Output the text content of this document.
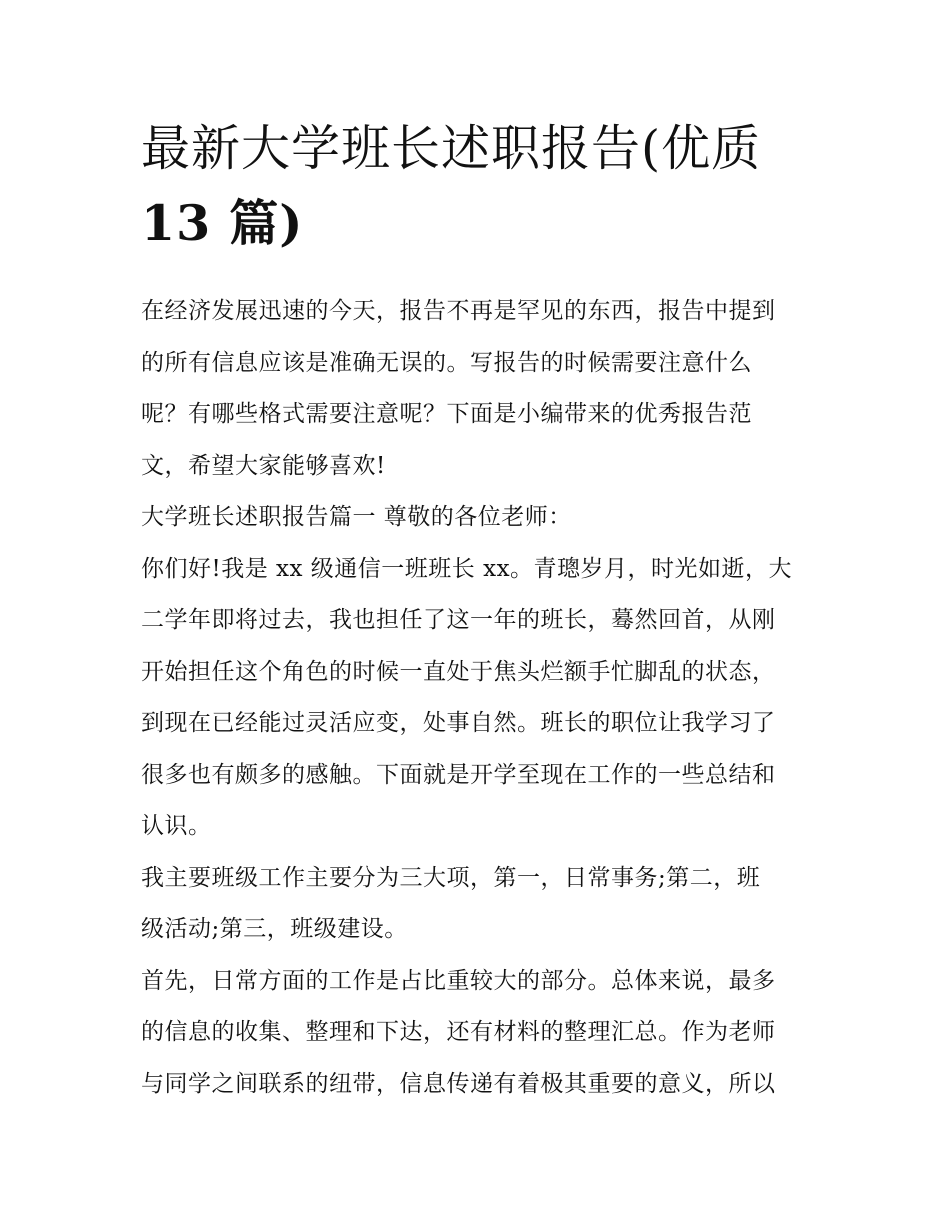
最新大学班长述职报告(优质
13 篇)

在经济发展迅速的今天，报告不再是罕见的东西，报告中提到
的所有信息应该是准确无误的。写报告的时候需要注意什么
呢？有哪些格式需要注意呢？下面是小编带来的优秀报告范
文，希望大家能够喜欢!

大学班长述职报告篇一 尊敬的各位老师：

你们好!我是 xx 级通信一班班长 xx。青璁岁月，时光如逝，大
二学年即将过去，我也担任了这一年的班长，蓦然回首，从刚
开始担任这个角色的时候一直处于焦头烂额手忙脚乱的状态，
到现在已经能过灵活应变，处事自然。班长的职位让我学习了
很多也有颇多的感触。下面就是开学至现在工作的一些总结和
认识。

我主要班级工作主要分为三大项，第一，日常事务;第二，班
级活动;第三，班级建设。

首先，日常方面的工作是占比重较大的部分。总体来说，最多
的信息的收集、整理和下达，还有材料的整理汇总。作为老师
与同学之间联系的纽带，信息传递有着极其重要的意义，所以
